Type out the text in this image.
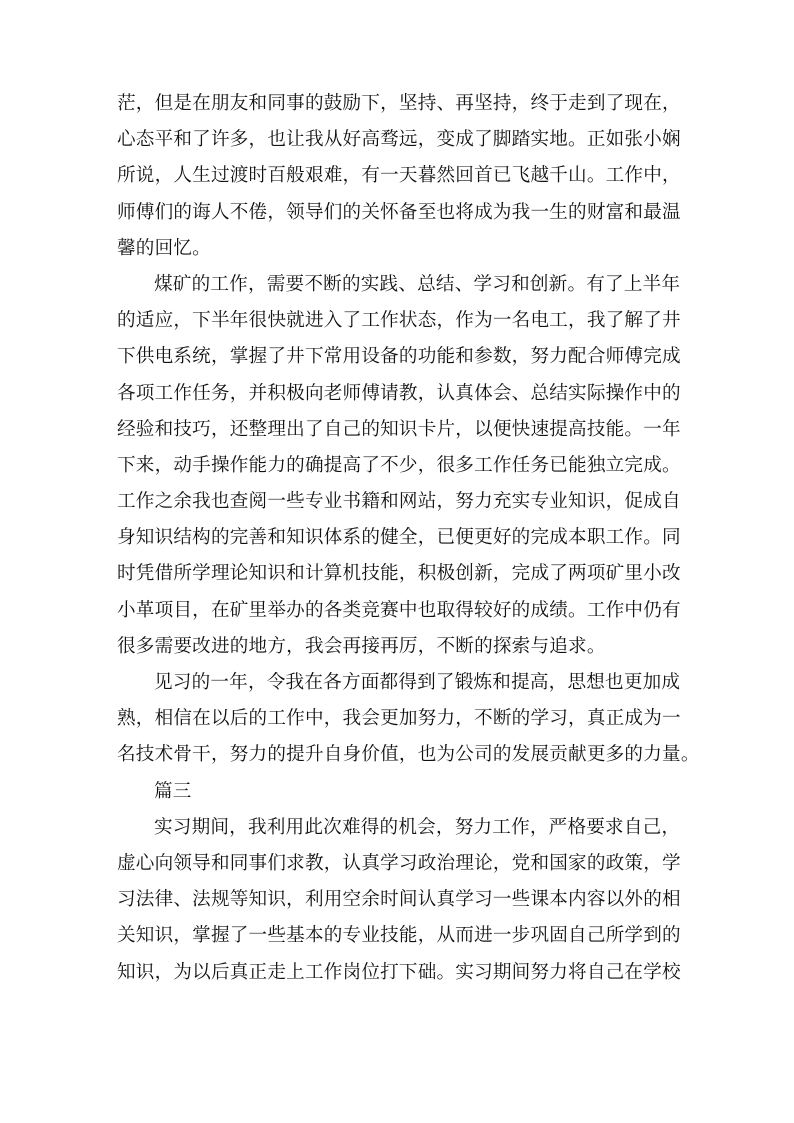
茫，但是在朋友和同事的鼓励下，坚持、再坚持，终于走到了现在，
心态平和了许多，也让我从好高骛远，变成了脚踏实地。正如张小娴
所说，人生过渡时百般艰难，有一天暮然回首已飞越千山。工作中，
师傅们的诲人不倦，领导们的关怀备至也将成为我一生的财富和最温
馨的回忆。
煤矿的工作，需要不断的实践、总结、学习和创新。有了上半年
的适应，下半年很快就进入了工作状态，作为一名电工，我了解了井
下供电系统，掌握了井下常用设备的功能和参数，努力配合师傅完成
各项工作任务，并积极向老师傅请教，认真体会、总结实际操作中的
经验和技巧，还整理出了自己的知识卡片，以便快速提高技能。一年
下来，动手操作能力的确提高了不少，很多工作任务已能独立完成。
工作之余我也查阅一些专业书籍和网站，努力充实专业知识，促成自
身知识结构的完善和知识体系的健全，已便更好的完成本职工作。同
时凭借所学理论知识和计算机技能，积极创新，完成了两项矿里小改
小革项目，在矿里举办的各类竞赛中也取得较好的成绩。工作中仍有
很多需要改进的地方，我会再接再厉，不断的探索与追求。
见习的一年，令我在各方面都得到了锻炼和提高，思想也更加成
熟，相信在以后的工作中，我会更加努力，不断的学习，真正成为一
名技术骨干，努力的提升自身价值，也为公司的发展贡献更多的力量。
篇三
实习期间，我利用此次难得的机会，努力工作，严格要求自己，
虚心向领导和同事们求教，认真学习政治理论，党和国家的政策，学
习法律、法规等知识，利用空余时间认真学习一些课本内容以外的相
关知识，掌握了一些基本的专业技能，从而进一步巩固自己所学到的
知识，为以后真正走上工作岗位打下础。实习期间努力将自己在学校
